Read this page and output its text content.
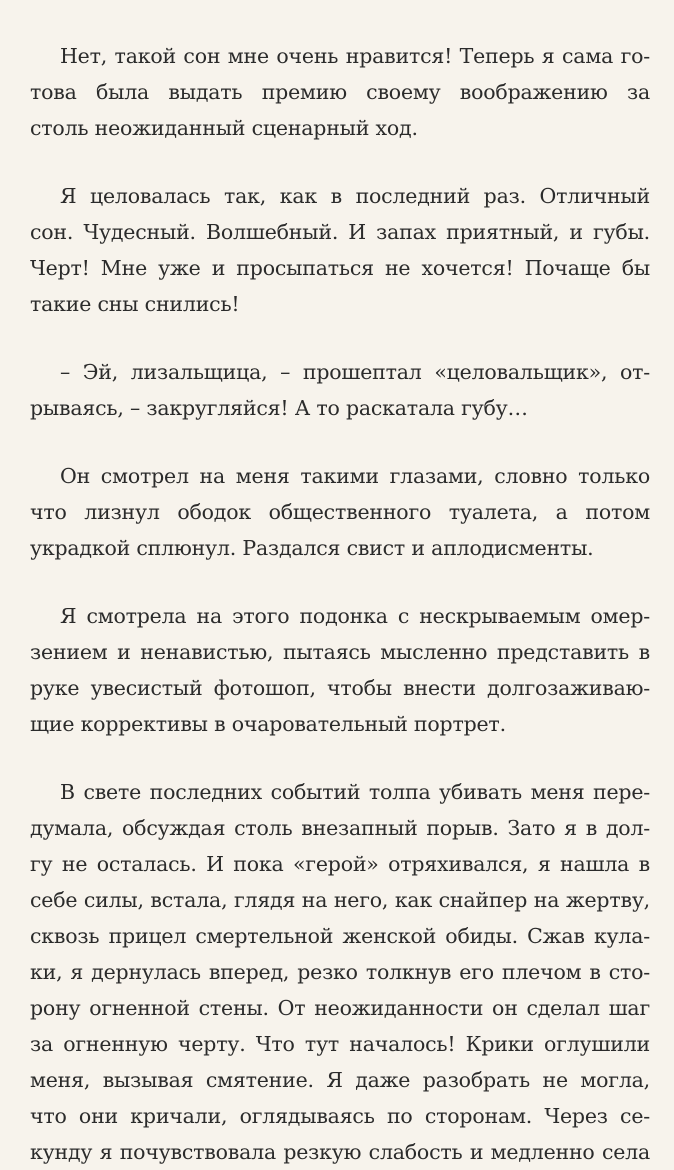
Нет, такой сон мне очень нравится! Теперь я сама го-
това была выдать премию своему воображению за
столь неожиданный сценарный ход.

Я целовалась так, как в последний раз. Отличный
сон. Чудесный. Волшебный. И запах приятный, и губы.
Черт! Мне уже и просыпаться не хочется! Почаще бы
такие сны снились!

– Эй, лизальщица, – прошептал «целовальщик», от-
рываясь, – закругляйся! А то раскатала губу…

Он смотрел на меня такими глазами, словно только
что лизнул ободок общественного туалета, а потом
украдкой сплюнул. Раздался свист и аплодисменты.

Я смотрела на этого подонка с нескрываемым омер-
зением и ненавистью, пытаясь мысленно представить в
руке увесистый фотошоп, чтобы внести долгозаживаю-
щие коррективы в очаровательный портрет.

В свете последних событий толпа убивать меня пере-
думала, обсуждая столь внезапный порыв. Зато я в дол-
гу не осталась. И пока «герой» отряхивался, я нашла в
себе силы, встала, глядя на него, как снайпер на жертву,
сквозь прицел смертельной женской обиды. Сжав кула-
ки, я дернулась вперед, резко толкнув его плечом в сто-
рону огненной стены. От неожиданности он сделал шаг
за огненную черту. Что тут началось! Крики оглушили
меня, вызывая смятение. Я даже разобрать не могла,
что они кричали, оглядываясь по сторонам. Через се-
кунду я почувствовала резкую слабость и медленно села
